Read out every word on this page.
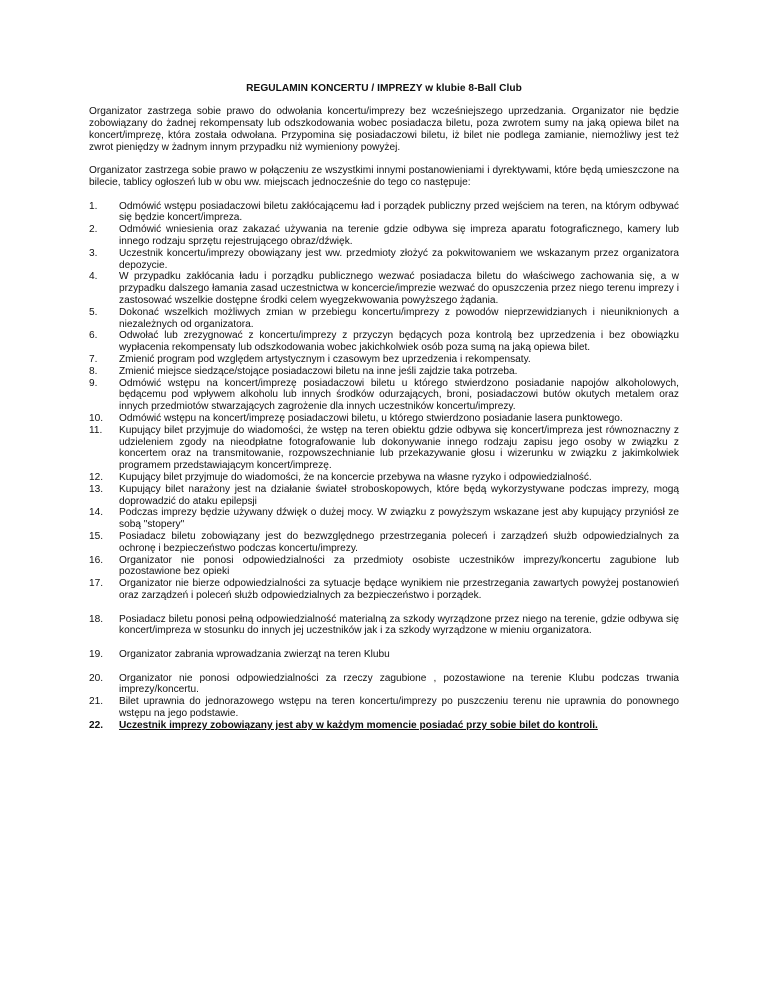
REGULAMIN KONCERTU / IMPREZY w klubie 8-Ball Club
Organizator zastrzega sobie prawo do odwołania koncertu/imprezy bez wcześniejszego uprzedzania. Organizator nie będzie zobowiązany do żadnej rekompensaty lub odszkodowania wobec posiadacza biletu, poza zwrotem sumy na jaką opiewa bilet na koncert/imprezę, która została odwołana. Przypomina się posiadaczowi biletu, iż bilet nie podlega zamianie, niemożliwy jest też zwrot pieniędzy w żadnym innym przypadku niż wymieniony powyżej.
Organizator zastrzega sobie prawo w połączeniu ze wszystkimi innymi postanowieniami i dyrektywami, które będą umieszczone na bilecie, tablicy ogłoszeń lub w obu ww. miejscach jednocześnie do tego co następuje:
1.	Odmówić wstępu posiadaczowi biletu zakłócającemu ład i porządek publiczny przed wejściem na teren, na którym odbywać się będzie koncert/impreza.
2.	Odmówić wniesienia oraz zakazać używania na terenie gdzie odbywa się impreza aparatu fotograficznego, kamery lub innego rodzaju sprzętu rejestrującego obraz/dźwięk.
3.	Uczestnik koncertu/imprezy obowiązany jest ww. przedmioty złożyć za pokwitowaniem we wskazanym przez organizatora depozycie.
4.	W przypadku zakłócania ładu i porządku publicznego wezwać posiadacza biletu do właściwego zachowania się, a w przypadku dalszego łamania zasad uczestnictwa w koncercie/imprezie wezwać do opuszczenia przez niego terenu imprezy i zastosować wszelkie dostępne środki celem wyegzekwowania powyższego żądania.
5.	Dokonać wszelkich możliwych zmian w przebiegu koncertu/imprezy z powodów nieprzewidzianych i nieuniknionych a niezależnych od organizatora.
6.	Odwołać lub zrezygnować z koncertu/imprezy z przyczyn będących poza kontrolą bez uprzedzenia i bez obowiązku wypłacenia rekompensaty lub odszkodowania wobec jakichkolwiek osób poza sumą na jaką opiewa bilet.
7.	Zmienić program pod względem artystycznym i czasowym bez uprzedzenia i rekompensaty.
8.	Zmienić miejsce siedzące/stojące posiadaczowi biletu na inne jeśli zajdzie taka potrzeba.
9.	Odmówić wstępu na koncert/imprezę posiadaczowi biletu u którego stwierdzono posiadanie napojów alkoholowych, będącemu pod wpływem alkoholu lub innych środków odurzających, broni, posiadaczowi butów okutych metalem oraz innych przedmiotów stwarzających zagrożenie dla innych uczestników koncertu/imprezy.
10.	Odmówić wstępu na koncert/imprezę posiadaczowi biletu, u którego stwierdzono posiadanie lasera punktowego.
11.	Kupujący bilet przyjmuje do wiadomości, że wstęp na teren obiektu gdzie odbywa się koncert/impreza jest równoznaczny z udzieleniem zgody na nieodpłatne fotografowanie lub dokonywanie innego rodzaju zapisu jego osoby w związku z koncertem oraz na transmitowanie, rozpowszechnianie lub przekazywanie głosu i wizerunku w związku z jakimkolwiek programem przedstawiającym koncert/imprezę.
12.	Kupujący bilet przyjmuje do wiadomości, że na koncercie przebywa na własne ryzyko i odpowiedzialność.
13.	Kupujący bilet narażony jest na działanie świateł stroboskopowych, które będą wykorzystywane podczas imprezy, mogą doprowadzić do ataku epilepsji
14.	Podczas imprezy będzie używany dźwięk o dużej mocy. W związku z powyższym wskazane jest aby kupujący przyniósł ze sobą "stopery"
15.	Posiadacz biletu zobowiązany jest do bezwzględnego przestrzegania poleceń i zarządzeń służb odpowiedzialnych za ochronę i bezpieczeństwo podczas koncertu/imprezy.
16.	Organizator nie ponosi odpowiedzialności za przedmioty osobiste uczestników imprezy/koncertu zagubione lub pozostawione bez opieki
17.	Organizator nie bierze odpowiedzialności za sytuacje będące wynikiem nie przestrzegania zawartych powyżej postanowień oraz zarządzeń i poleceń służb odpowiedzialnych za bezpieczeństwo i porządek.
18.	Posiadacz biletu ponosi pełną odpowiedzialność materialną za szkody wyrządzone przez niego na terenie, gdzie odbywa się koncert/impreza w stosunku do innych jej uczestników jak i za szkody wyrządzone w mieniu organizatora.
19.	Organizator zabrania wprowadzania zwierząt na teren Klubu
20.	Organizator nie ponosi odpowiedzialności za rzeczy zagubione , pozostawione na terenie Klubu podczas trwania imprezy/koncertu.
21.	Bilet uprawnia do jednorazowego wstępu na teren koncertu/imprezy po puszczeniu terenu nie uprawnia do ponownego wstępu na jego podstawie.
22.	Uczestnik imprezy zobowiązany jest aby w każdym momencie posiadać przy sobie bilet do kontroli.
